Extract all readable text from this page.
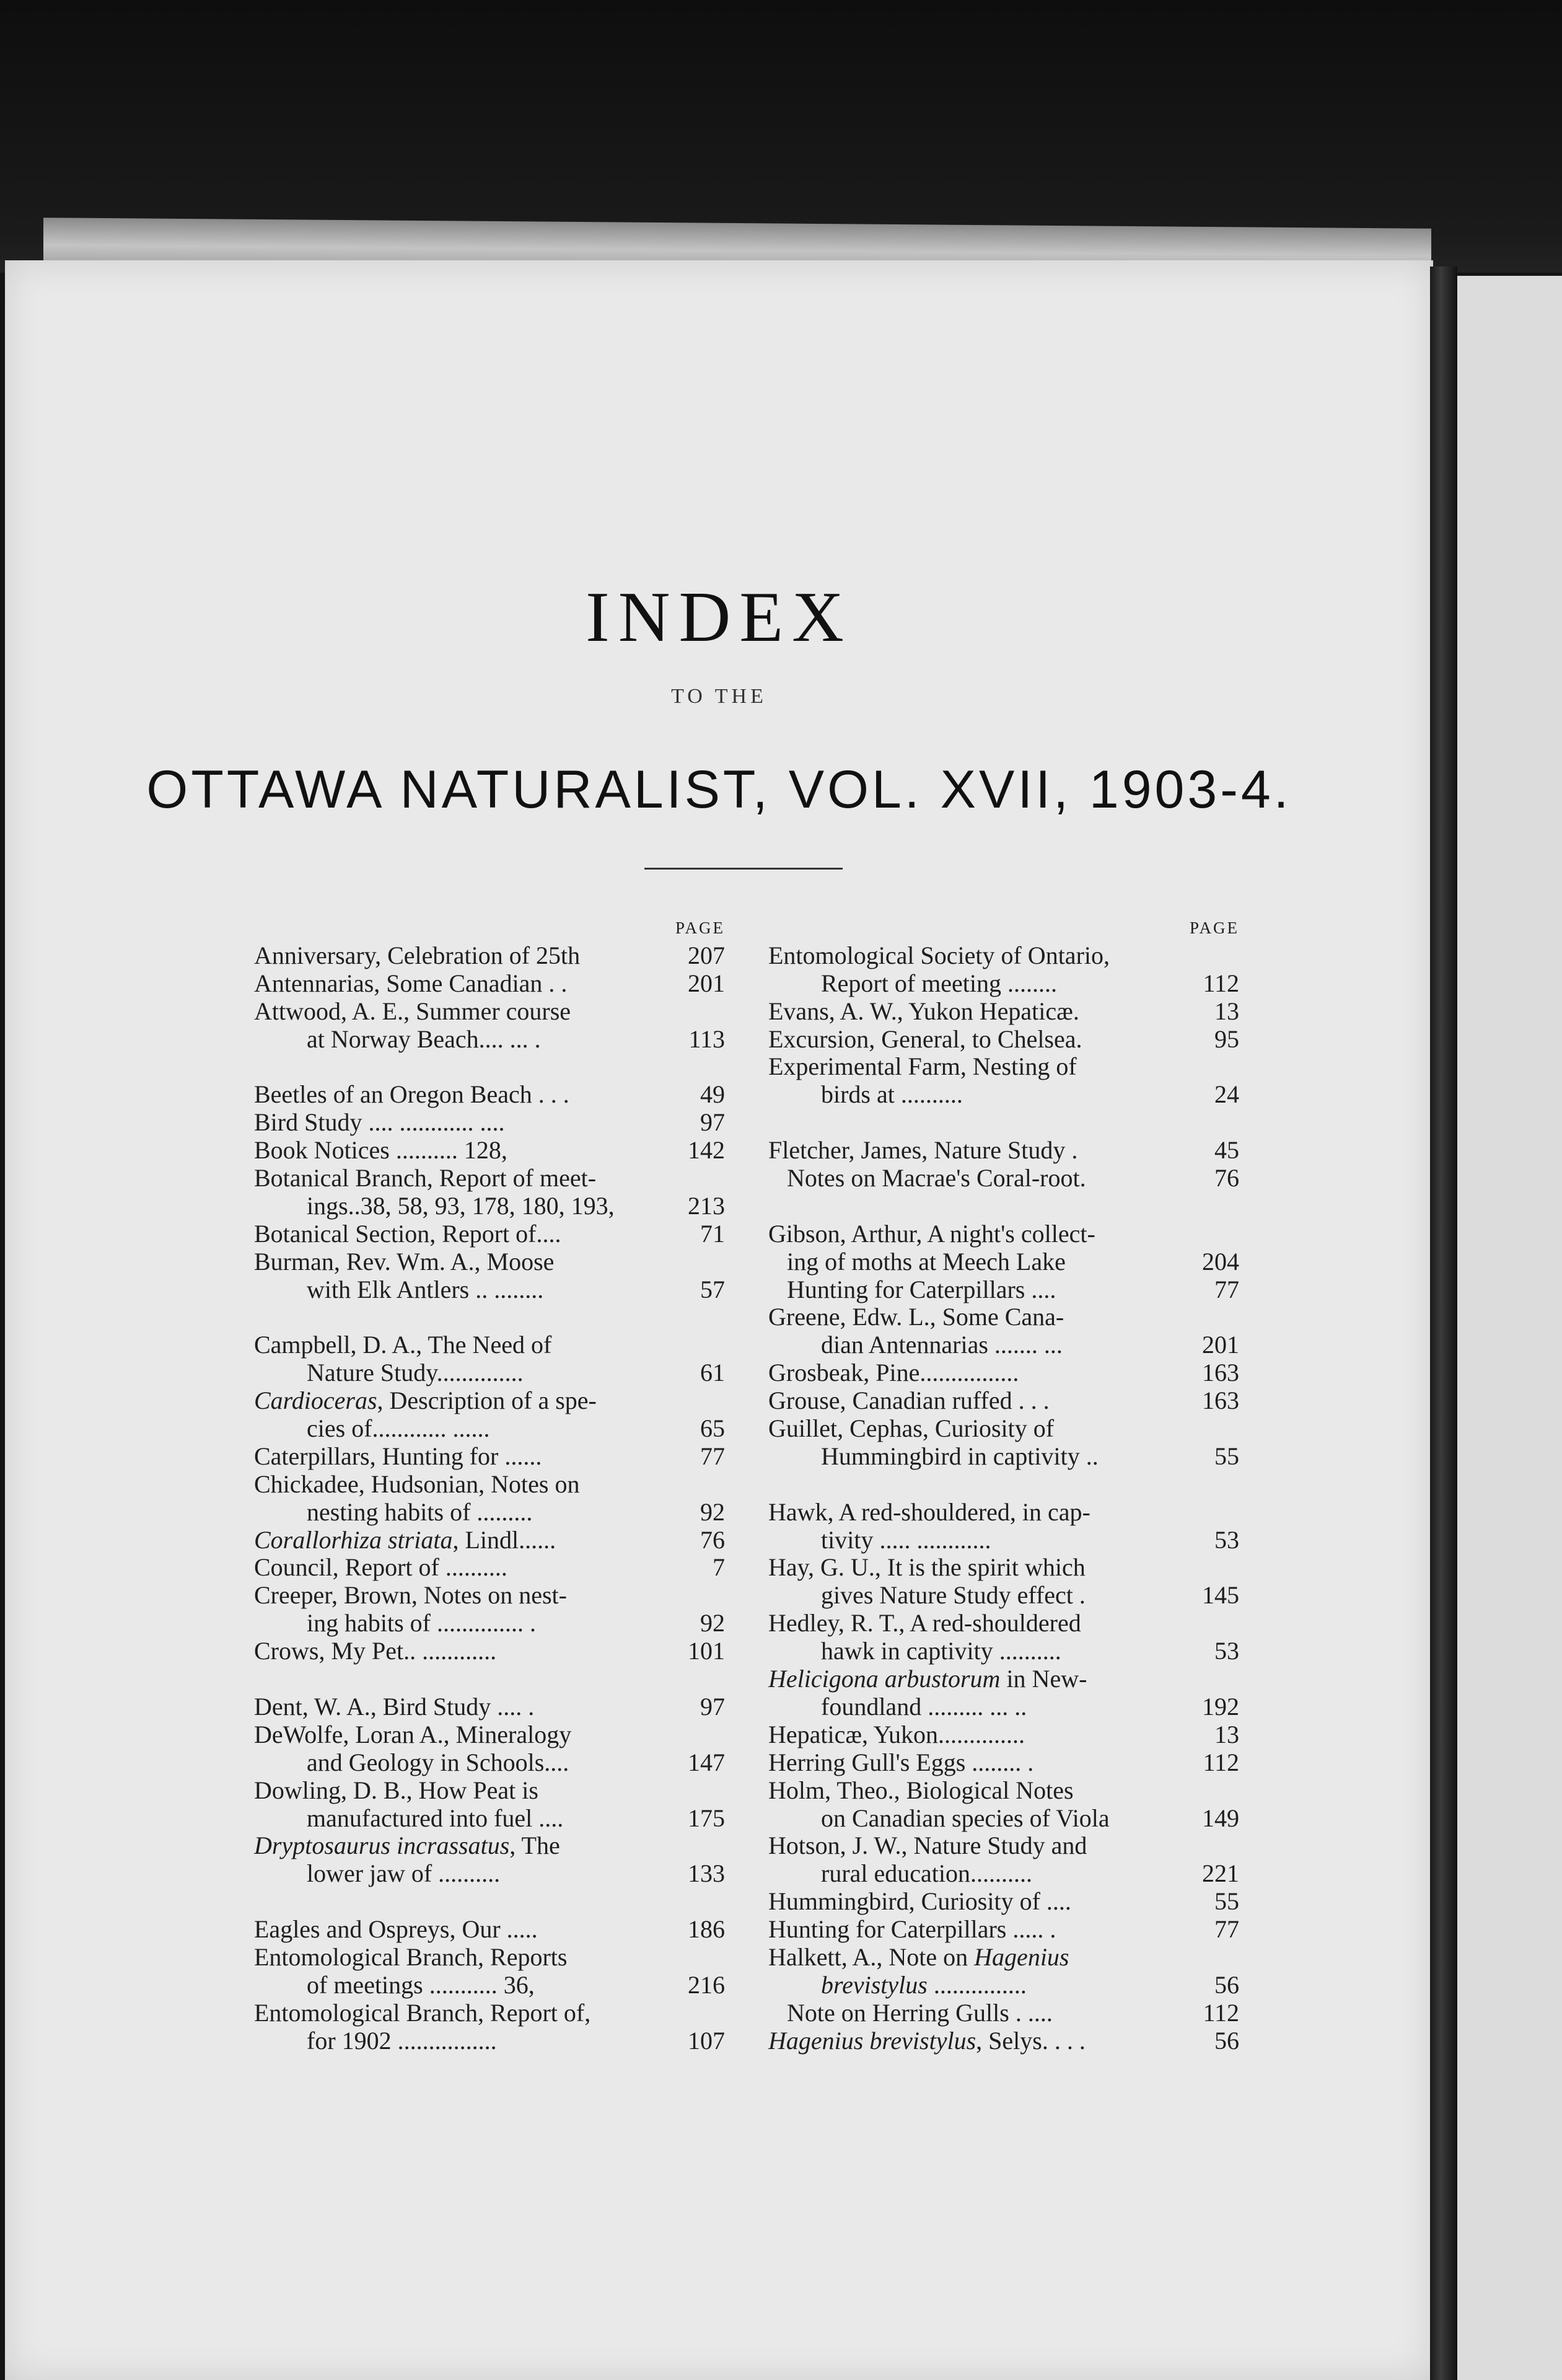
INDEX
TO THE
OTTAWA NATURALIST, VOL. XVII, 1903-4.
PAGE
Anniversary, Celebration of 25th	207
Antennarias, Some Canadian . .	201
Attwood, A. E., Summer course
at Norway Beach.... ... .	113
Beetles of an Oregon Beach . . .	49
Bird Study .... ............ ....	97
Book Notices .......... 128,	142
Botanical Branch, Report of meet-
ings..38, 58, 93, 178, 180, 193,	213
Botanical Section, Report of....	71
Burman, Rev. Wm. A., Moose
with Elk Antlers .. ........	57
Campbell, D. A., The Need of
Nature Study..............	61
Cardioceras, Description of a spe-
cies of............ ......	65
Caterpillars, Hunting for ......	77
Chickadee, Hudsonian, Notes on
nesting habits of .........	92
Corallorhiza striata, Lindl......	76
Council, Report of ..........	7
Creeper, Brown, Notes on nest-
ing habits of .............. .	92
Crows, My Pet.. ............	101
Dent, W. A., Bird Study .... .	97
DeWolfe, Loran A., Mineralogy
and Geology in Schools....	147
Dowling, D. B., How Peat is
manufactured into fuel ....	175
Dryptosaurus incrassatus, The
lower jaw of ..........	133
Eagles and Ospreys, Our .....	186
Entomological Branch, Reports
of meetings ........... 36,	216
Entomological Branch, Report of,
for 1902 ................	107
PAGE
Entomological Society of Ontario,
Report of meeting ........	112
Evans, A. W., Yukon Hepaticæ.	13
Excursion, General, to Chelsea.	95
Experimental Farm, Nesting of
birds at ..........	24
Fletcher, James, Nature Study .	45
Notes on Macrae's Coral-root.	76
Gibson, Arthur, A night's collect-
ing of moths at Meech Lake	204
Hunting for Caterpillars ....	77
Greene, Edw. L., Some Cana-
dian Antennarias ....... ...	201
Grosbeak, Pine................	163
Grouse, Canadian ruffed . . .	163
Guillet, Cephas, Curiosity of
Hummingbird in captivity ..	55
Hawk, A red-shouldered, in cap-
tivity ..... ............	53
Hay, G. U., It is the spirit which
gives Nature Study effect .	145
Hedley, R. T., A red-shouldered
hawk in captivity ..........	53
Helicigona arbustorum in New-
foundland ......... ... ..	192
Hepaticæ, Yukon..............	13
Herring Gull's Eggs ........ .	112
Holm, Theo., Biological Notes
on Canadian species of Viola	149
Hotson, J. W., Nature Study and
rural education..........	221
Hummingbird, Curiosity of ....	55
Hunting for Caterpillars ..... .	77
Halkett, A., Note on Hagenius
brevistylus ...............	56
Note on Herring Gulls . ....	112
Hagenius brevistylus, Selys. . . .	56
